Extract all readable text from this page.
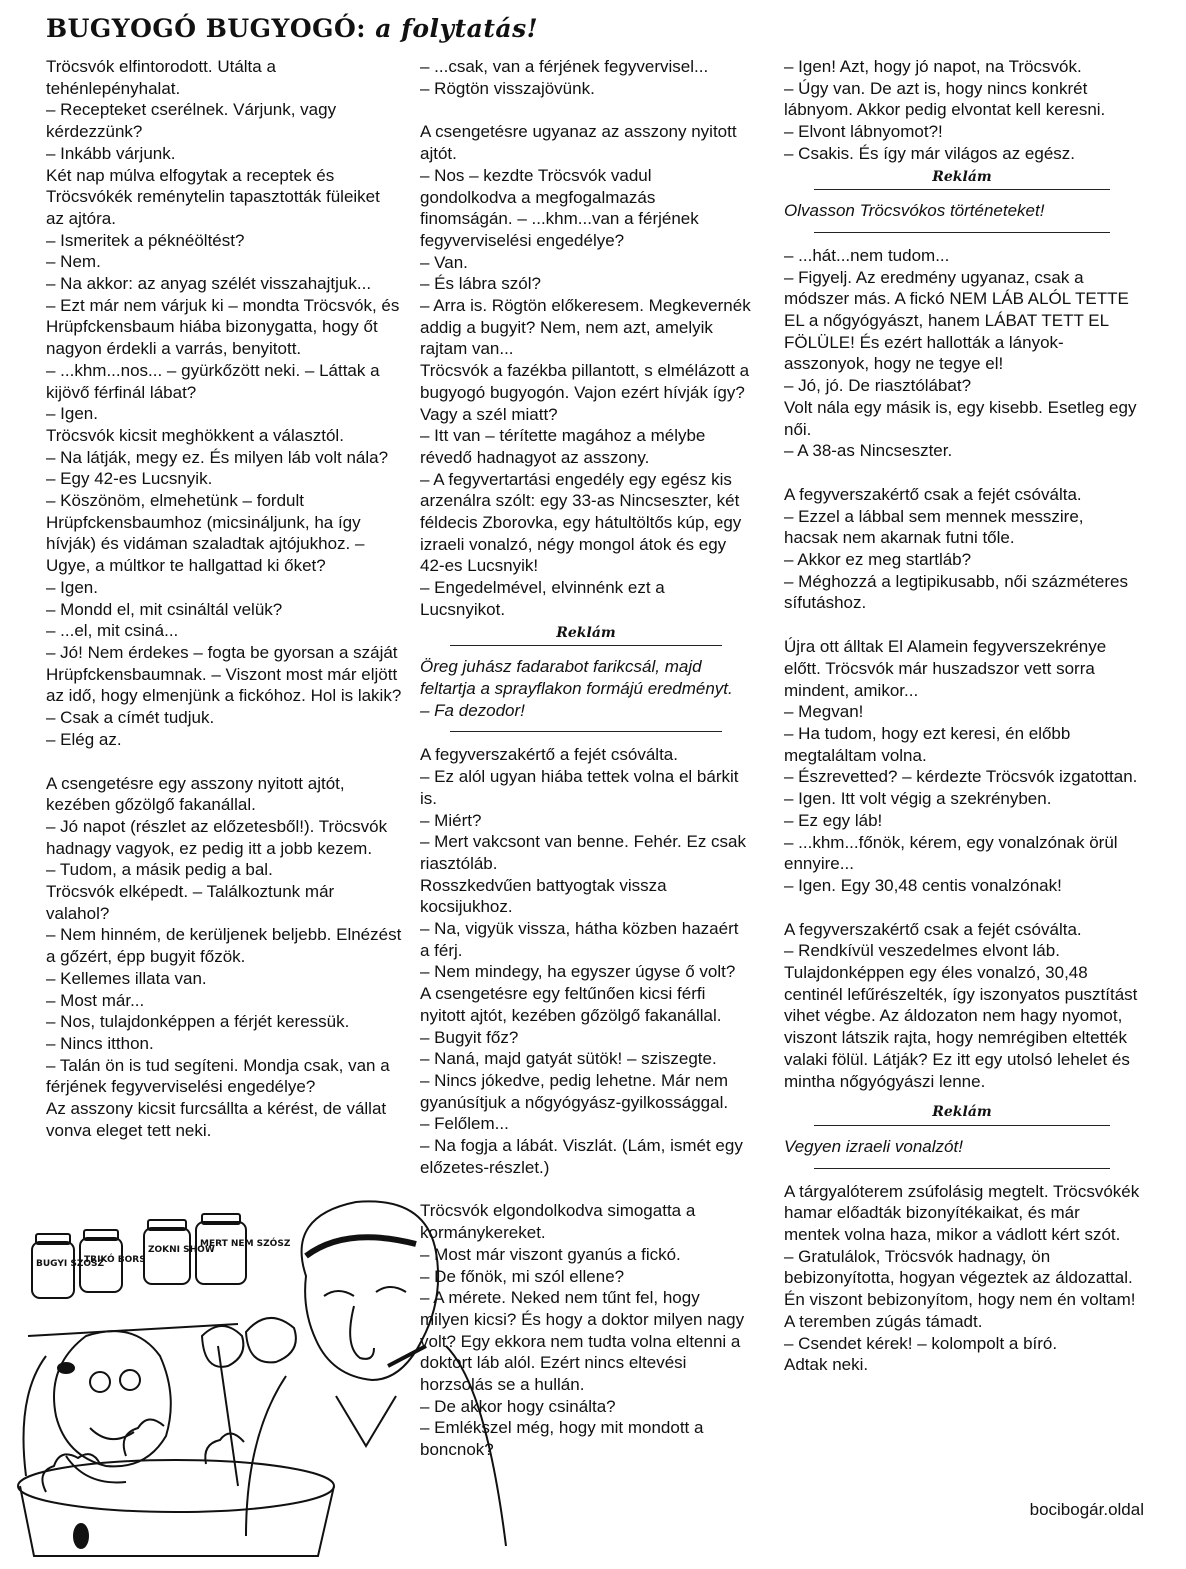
BUGYOGÓ BUGYOGÓ: a folytatás!

Tröcsvók elfintorodott. Utálta a tehénlepényhalat.

– Recepteket cserélnek. Várjunk, vagy kérdezzünk?

– Inkább várjunk.

Két nap múlva elfogytak a receptek és Tröcsvókék reménytelin tapasztották füleiket az ajtóra.

– Ismeritek a péknéöltést?

– Nem.

– Na akkor: az anyag szélét visszahajtjuk...

– Ezt már nem várjuk ki – mondta Tröcsvók, és Hrüpfckensbaum hiába bizonygatta, hogy őt nagyon érdekli a varrás, benyitott.

– ...khm...nos... – gyürkőzött neki. – Láttak a kijövő férfinál lábat?

– Igen.

Tröcsvók kicsit meghökkent a választól.

– Na látják, megy ez. És milyen láb volt nála?

– Egy 42-es Lucsnyik.

– Köszönöm, elmehetünk – fordult Hrüpfckensbaumhoz (micsináljunk, ha így hívják) és vidáman szaladtak ajtójukhoz. – Ugye, a múltkor te hallgattad ki őket?

– Igen.

– Mondd el, mit csináltál velük?

– ...el, mit csiná...

– Jó! Nem érdekes – fogta be gyorsan a száját Hrüpfckensbaumnak. – Viszont most már eljött az idő, hogy elmenjünk a fickóhoz. Hol is lakik?

– Csak a címét tudjuk.

– Elég az.

A csengetésre egy asszony nyitott ajtót, kezében gőzölgő fakanállal.

– Jó napot (részlet az előzetesből!). Tröcsvók hadnagy vagyok, ez pedig itt a jobb kezem.

– Tudom, a másik pedig a bal.

Tröcsvók elképedt. – Találkoztunk már valahol?

– Nem hinném, de kerüljenek beljebb. Elnézést a gőzért, épp bugyit főzök.

– Kellemes illata van.

– Most már...

– Nos, tulajdonképpen a férjét keressük.

– Nincs itthon.

– Talán ön is tud segíteni. Mondja csak, van a férjének fegyverviselési engedélye?

Az asszony kicsit furcsállta a kérést, de vállat vonva eleget tett neki.

– ...csak, van a férjének fegyvervisel...

– Rögtön visszajövünk.

A csengetésre ugyanaz az asszony nyitott ajtót.

– Nos – kezdte Tröcsvók vadul gondolkodva a megfogalmazás finomságán. – ...khm...van a férjének fegyverviselési engedélye?

– Van.

– És lábra szól?

– Arra is. Rögtön előkeresem. Megkevernék addig a bugyit? Nem, nem azt, amelyik rajtam van...

Tröcsvók a fazékba pillantott, s elmélázott a bugyogó bugyogón. Vajon ezért hívják így? Vagy a szél miatt?

– Itt van – térítette magához a mélybe révedő hadnagyot az asszony.

– A fegyvertartási engedély egy egész kis arzenálra szólt: egy 33-as Nincseszter, két féldecis Zborovka, egy hátultöltős kúp, egy izraeli vonalzó, négy mongol átok és egy 42-es Lucsnyik!

– Engedelmével, elvinnénk ezt a Lucsnyikot.

Reklám

Öreg juhász fadarabot farikcsál, majd feltartja a sprayflakon formájú eredményt.

– Fa dezodor!

A fegyverszakértő a fejét csóválta.

– Ez alól ugyan hiába tettek volna el bárkit is.

– Miért?

– Mert vakcsont van benne. Fehér. Ez csak riasztóláb.

Rosszkedvűen battyogtak vissza kocsijukhoz.

– Na, vigyük vissza, hátha közben hazaért a férj.

– Nem mindegy, ha egyszer úgyse ő volt?

A csengetésre egy feltűnően kicsi férfi nyitott ajtót, kezében gőzölgő fakanállal.

– Bugyit főz?

– Naná, majd gatyát sütök! – sziszegte.

– Nincs jókedve, pedig lehetne. Már nem gyanúsítjuk a nőgyógyász-gyilkossággal.

– Felőlem...

– Na fogja a lábát. Viszlát. (Lám, ismét egy előzetes-részlet.)

Tröcsvók elgondolkodva simogatta a kormánykereket.

– Most már viszont gyanús a fickó.

– De főnök, mi szól ellene?

– A mérete. Neked nem tűnt fel, hogy milyen kicsi? És hogy a doktor milyen nagy volt? Egy ekkora nem tudta volna eltenni a doktort láb alól. Ezért nincs eltevési horzsolás se a hullán.

– De akkor hogy csinálta?

– Emlékszel még, hogy mit mondott a boncnok?

– Igen! Azt, hogy jó napot, na Tröcsvók.

– Úgy van. De azt is, hogy nincs konkrét lábnyom. Akkor pedig elvontat kell keresni.

– Elvont lábnyomot?!

– Csakis. És így már világos az egész.

Reklám

Olvasson Tröcsvókos történeteket!

– ...hát...nem tudom...

– Figyelj. Az eredmény ugyanaz, csak a módszer más. A fickó NEM LÁB ALÓL TETTE EL a nőgyógyászt, hanem LÁBAT TETT EL FÖLÜLE! És ezért hallották a lányok-asszonyok, hogy ne tegye el!

– Jó, jó. De riasztólábat?

Volt nála egy másik is, egy kisebb. Esetleg egy női.

– A 38-as Nincseszter.

A fegyverszakértő csak a fejét csóválta.

– Ezzel a lábbal sem mennek messzire, hacsak nem akarnak futni tőle.

– Akkor ez meg startláb?

– Méghozzá a legtipikusabb, női százméteres sífutáshoz.

Újra ott álltak El Alamein fegyverszekrénye előtt. Tröcsvók már huszadszor vett sorra mindent, amikor...

– Megvan!

– Ha tudom, hogy ezt keresi, én előbb megtaláltam volna.

– Észrevetted? – kérdezte Tröcsvók izgatottan.

– Igen. Itt volt végig a szekrényben.

– Ez egy láb!

– ...khm...főnök, kérem, egy vonalzónak örül ennyire...

– Igen. Egy 30,48 centis vonalzónak!

A fegyverszakértő csak a fejét csóválta.

– Rendkívül veszedelmes elvont láb. Tulajdonképpen egy éles vonalzó, 30,48 centinél lefűrészelték, így iszonyatos pusztítást vihet végbe. Az áldozaton nem hagy nyomot, viszont látszik rajta, hogy nemrégiben eltették valaki fölül. Látják? Ez itt egy utolsó lehelet és mintha nőgyógyászi lenne.

Reklám

Vegyen izraeli vonalzót!

A tárgyalóterem zsúfolásig megtelt. Tröcsvókék hamar előadták bizonyítékaikat, és már mentek volna haza, mikor a vádlott kért szót.

– Gratulálok, Tröcsvók hadnagy, ön bebizonyította, hogyan végeztek az áldozattal. Én viszont bebizonyítom, hogy nem én voltam!

A teremben zúgás támadt.

– Csendet kérek! – kolompolt a bíró.

Adtak neki.

BUGYI SZÓSZ
TRIKÓ BORS
ZOKNI SHOW
MERT NEM SZÓSZ
bocibogár.oldal
